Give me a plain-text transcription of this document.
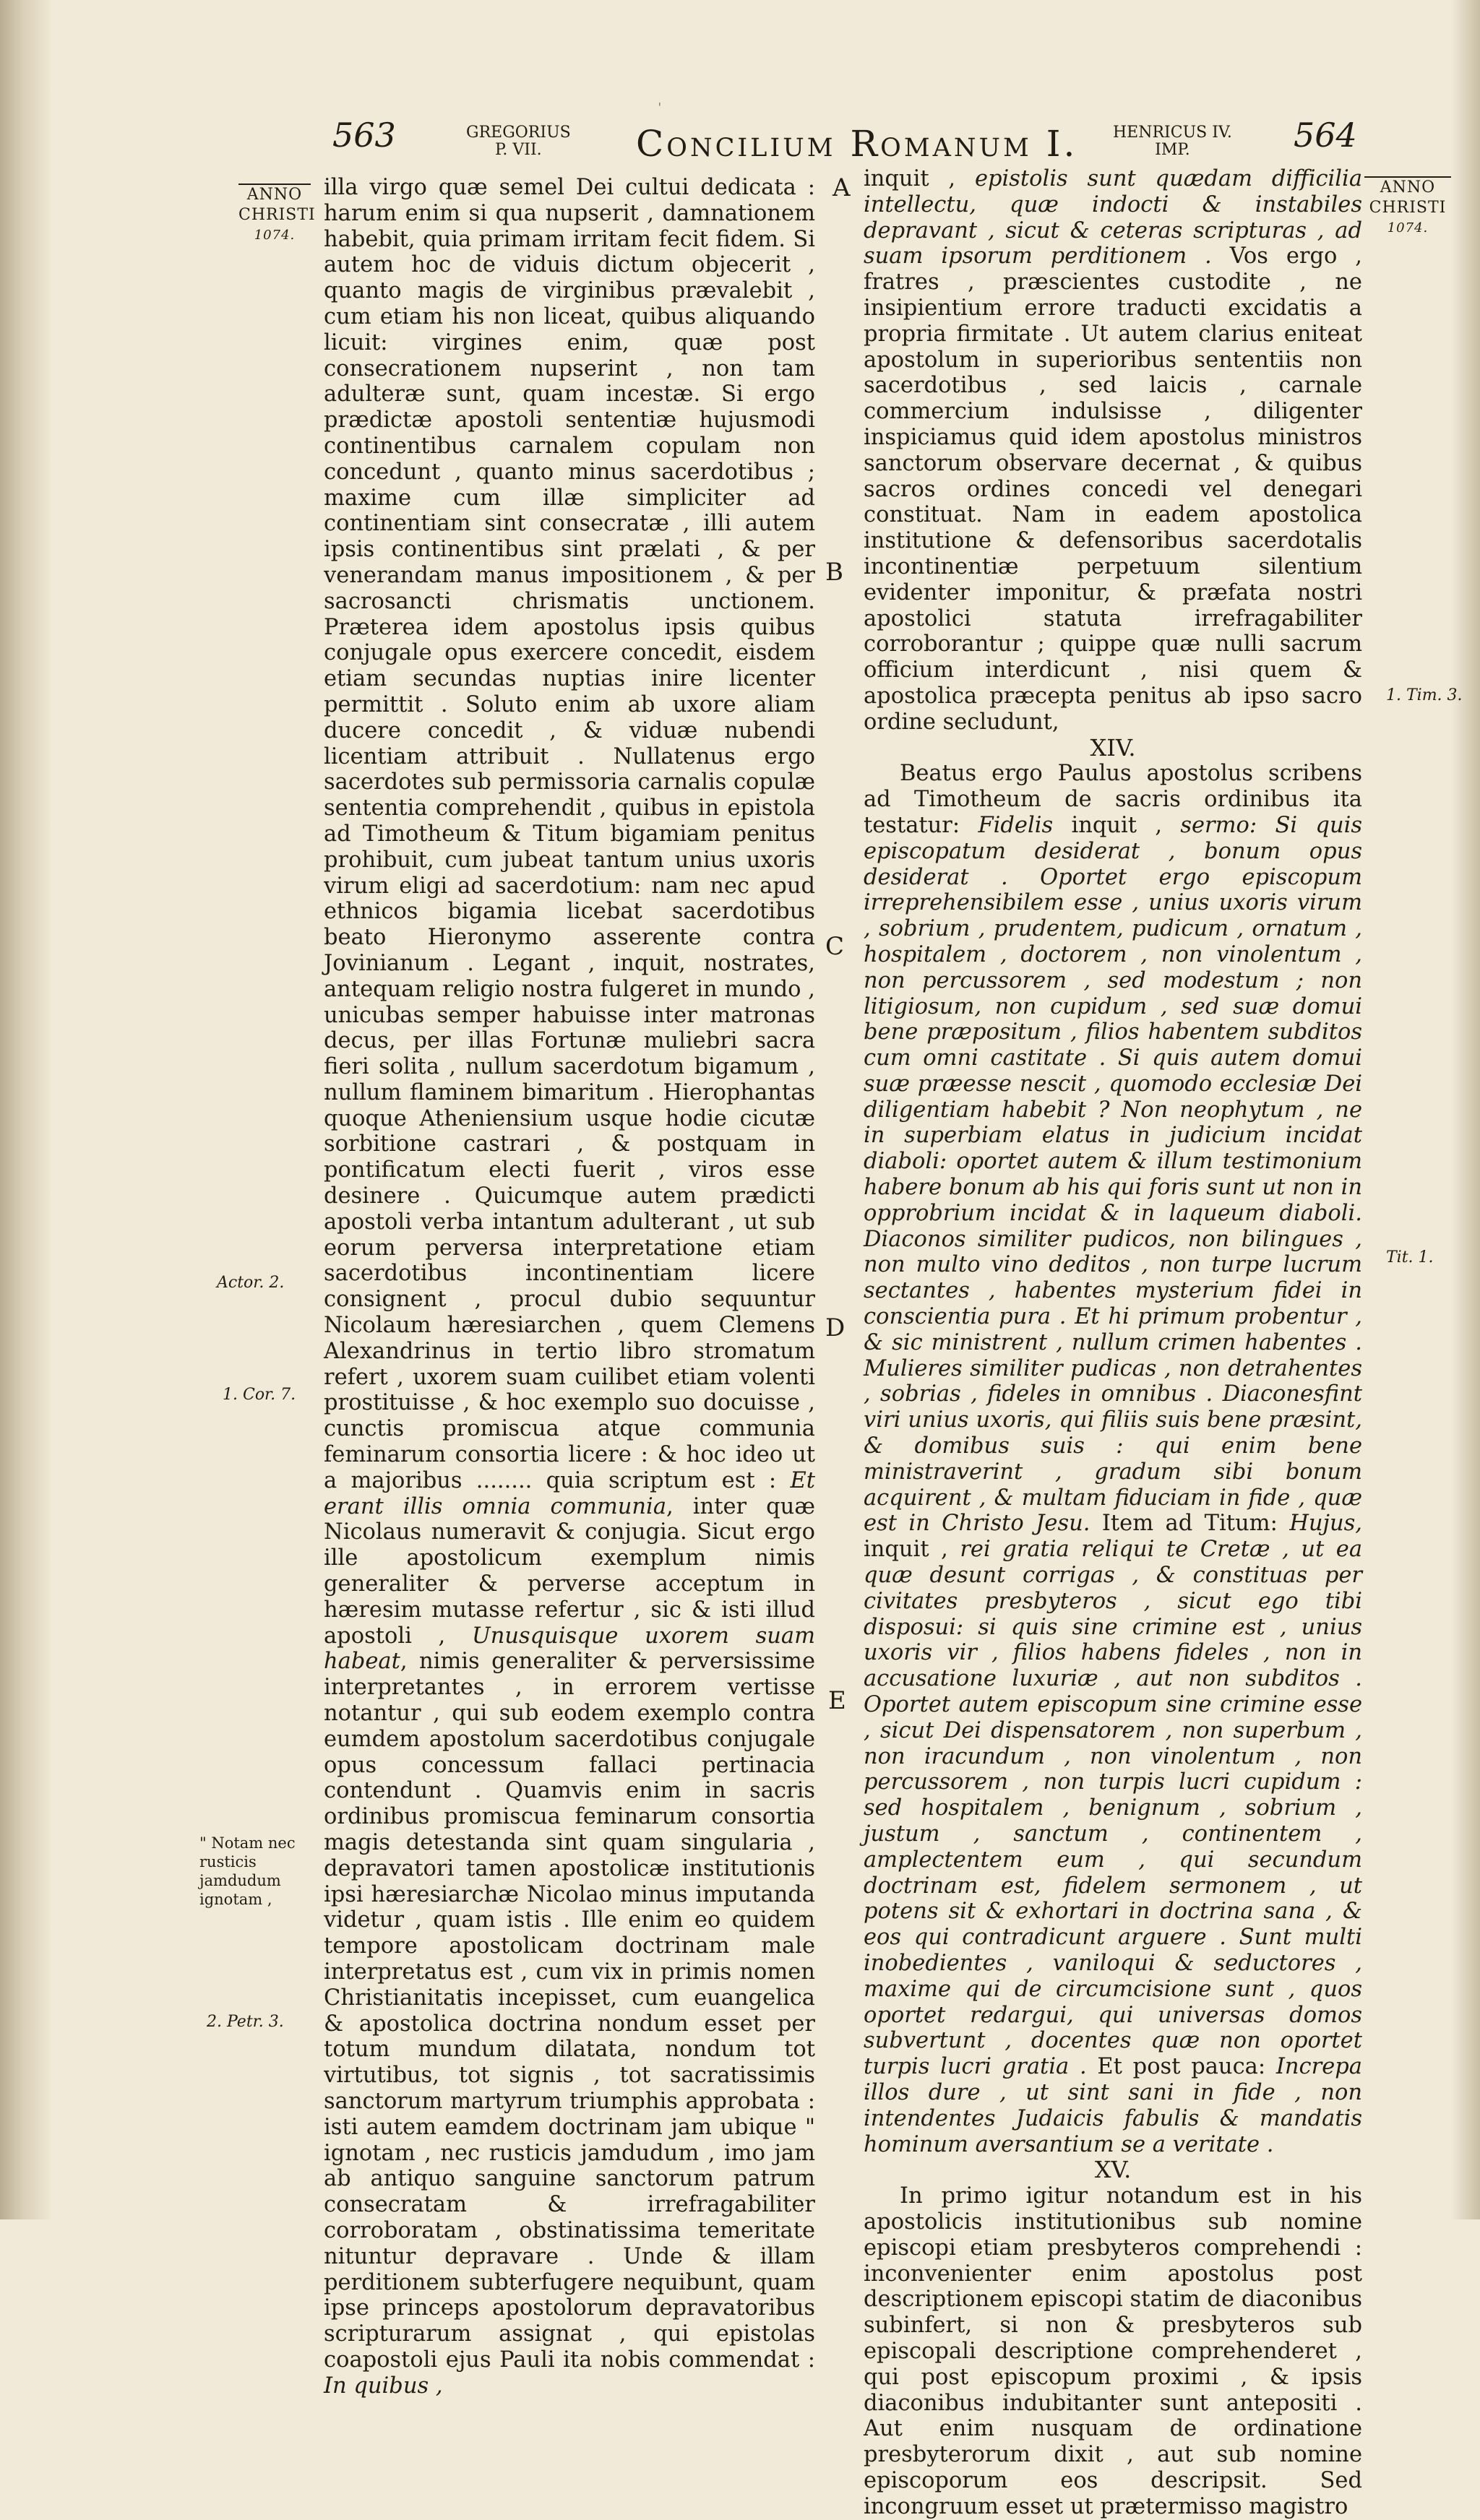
ˈ
563	GREGORIUS
P. VII.	Concilium Romanum I. HENRICUS IV.
IMP.	564
ANNO
CHRISTI
1074.
ANNO
CHRISTI
1074.
Actor. 2.
1. Cor. 7.
" Notam nec rusticis jamdudum ignotam ,
2. Petr. 3.
1. Tim. 3.
Tit. 1.
A
B
C
D
E

illa virgo quæ semel Dei cultui dedicata : harum enim si qua nupserit , damnationem habebit, quia primam irritam fecit fidem. Si autem hoc de viduis dictum objecerit , quanto magis de virginibus prævalebit , cum etiam his non liceat, quibus aliquando licuit: virgines enim, quæ post consecrationem nupserint , non tam adulteræ sunt, quam incestæ. Si ergo prædictæ apostoli sententiæ hujusmodi continentibus carnalem copulam non concedunt , quanto minus sacerdotibus ; maxime cum illæ simpliciter ad continentiam sint consecratæ , illi autem ipsis continentibus sint prælati , & per venerandam manus impositionem , & per sacrosancti chrismatis unctionem. Præterea idem apostolus ipsis quibus conjugale opus exercere concedit, eisdem etiam secundas nuptias inire licenter permittit . Soluto enim ab uxore aliam ducere concedit , & viduæ nubendi licentiam attribuit . Nullatenus ergo sacerdotes sub permissoria carnalis copulæ sententia comprehendit , quibus in epistola ad Timotheum & Titum bigamiam penitus prohibuit, cum jubeat tantum unius uxoris virum eligi ad sacerdotium: nam nec apud ethnicos bigamia licebat sacerdotibus beato Hieronymo asserente contra Jovinianum . Legant , inquit, nostrates, antequam religio nostra fulgeret in mundo , unicubas semper habuisse inter matronas decus, per illas Fortunæ muliebri sacra fieri solita , nullum sacerdotum bigamum , nullum flaminem bimaritum . Hierophantas quoque Atheniensium usque hodie cicutæ sorbitione castrari , & postquam in pontificatum electi fuerit , viros esse desinere . Quicumque autem prædicti apostoli verba intantum adulterant , ut sub eorum perversa interpretatione etiam sacerdotibus incontinentiam licere consignent , procul dubio sequuntur Nicolaum hæresiarchen , quem Clemens Alexandrinus in tertio libro stromatum refert , uxorem suam cuilibet etiam volenti prostituisse , & hoc exemplo suo docuisse , cunctis promiscua atque communia feminarum consortia licere : & hoc ideo ut a majoribus ........ quia scriptum est : Et erant illis omnia communia, inter quæ Nicolaus numeravit & conjugia. Sicut ergo ille apostolicum exemplum nimis generaliter & perverse acceptum in hæresim mutasse refertur , sic & isti illud apostoli , Unusquisque uxorem suam habeat, nimis generaliter & perversissime interpretantes , in errorem vertisse notantur , qui sub eodem exemplo contra eumdem apostolum sacerdotibus conjugale opus concessum fallaci pertinacia contendunt . Quamvis enim in sacris ordinibus promiscua feminarum consortia magis detestanda sint quam singularia , depravatori tamen apostolicæ institutionis ipsi hæresiarchæ Nicolao minus imputanda videtur , quam istis . Ille enim eo quidem tempore apostolicam doctrinam male interpretatus est , cum vix in primis nomen Christianitatis incepisset, cum euangelica & apostolica doctrina nondum esset per totum mundum dilatata, nondum tot virtutibus, tot signis , tot sacratissimis sanctorum martyrum triumphis approbata : isti autem eamdem doctrinam jam ubique " ignotam , nec rusticis jamdudum , imo jam ab antiquo sanguine sanctorum patrum consecratam & irrefragabiliter corroboratam , obstinatissima temeritate nituntur depravare . Unde & illam perditionem subterfugere nequibunt, quam ipse princeps apostolorum depravatoribus scripturarum assignat , qui epistolas coapostoli ejus Pauli ita nobis commendat : In quibus ,

inquit , epistolis sunt quædam difficilia intellectu, quæ indocti & instabiles depravant , sicut & ceteras scripturas , ad suam ipsorum perditionem . Vos ergo , fratres , præscientes custodite , ne insipientium errore traducti excidatis a propria firmitate . Ut autem clarius eniteat apostolum in superioribus sententiis non sacerdotibus , sed laicis , carnale commercium indulsisse , diligenter inspiciamus quid idem apostolus ministros sanctorum observare decernat , & quibus sacros ordines concedi vel denegari constituat. Nam in eadem apostolica institutione & defensoribus sacerdotalis incontinentiæ perpetuum silentium evidenter imponitur, & præfata nostri apostolici statuta irrefragabiliter corroborantur ; quippe quæ nulli sacrum officium interdicunt , nisi quem & apostolica præcepta penitus ab ipso sacro ordine secludunt,

XIV.

Beatus ergo Paulus apostolus scribens ad Timotheum de sacris ordinibus ita testatur: Fidelis inquit , sermo: Si quis episcopatum desiderat , bonum opus desiderat . Oportet ergo episcopum irreprehensibilem esse , unius uxoris virum , sobrium , prudentem, pudicum , ornatum , hospitalem , doctorem , non vinolentum , non percussorem , sed modestum ; non litigiosum, non cupidum , sed suæ domui bene præpositum , filios habentem subditos cum omni castitate . Si quis autem domui suæ præesse nescit , quomodo ecclesiæ Dei diligentiam habebit ? Non neophytum , ne in superbiam elatus in judicium incidat diaboli: oportet autem & illum testimonium habere bonum ab his qui foris sunt ut non in opprobrium incidat & in laqueum diaboli. Diaconos similiter pudicos, non bilingues , non multo vino deditos , non turpe lucrum sectantes , habentes mysterium fidei in conscientia pura . Et hi primum probentur , & sic ministrent , nullum crimen habentes . Mulieres similiter pudicas , non detrahentes , sobrias , fideles in omnibus . Diaconesfint viri unius uxoris, qui filiis suis bene præsint, & domibus suis : qui enim bene ministraverint , gradum sibi bonum acquirent , & multam fiduciam in fide , quæ est in Christo Jesu. Item ad Titum: Hujus, inquit , rei gratia reliqui te Cretæ , ut ea quæ desunt corrigas , & constituas per civitates presbyteros , sicut ego tibi disposui: si quis sine crimine est , unius uxoris vir , filios habens fideles , non in accusatione luxuriæ , aut non subditos . Oportet autem episcopum sine crimine esse , sicut Dei dispensatorem , non superbum , non iracundum , non vinolentum , non percussorem , non turpis lucri cupidum : sed hospitalem , benignum , sobrium , justum , sanctum , continentem , amplectentem eum , qui secundum doctrinam est, fidelem sermonem , ut potens sit & exhortari in doctrina sana , & eos qui contradicunt arguere . Sunt multi inobedientes , vaniloqui & seductores , maxime qui de circumcisione sunt , quos oportet redargui, qui universas domos subvertunt , docentes quæ non oportet turpis lucri gratia . Et post pauca: Increpa illos dure , ut sint sani in fide , non intendentes Judaicis fabulis & mandatis hominum aversantium se a veritate .

XV.

In primo igitur notandum est in his apostolicis institutionibus sub nomine episcopi etiam presbyteros comprehendi : inconvenienter enim apostolus post descriptionem episcopi statim de diaconibus subinfert, si non & presbyteros sub episcopali descriptione comprehenderet , qui post episcopum proximi , & ipsis diaconibus indubitanter sunt antepositi . Aut enim nusquam de ordinatione presbyterorum dixit , aut sub nomine episcoporum eos descripsit. Sed incongruum esset ut prætermisso magistro
